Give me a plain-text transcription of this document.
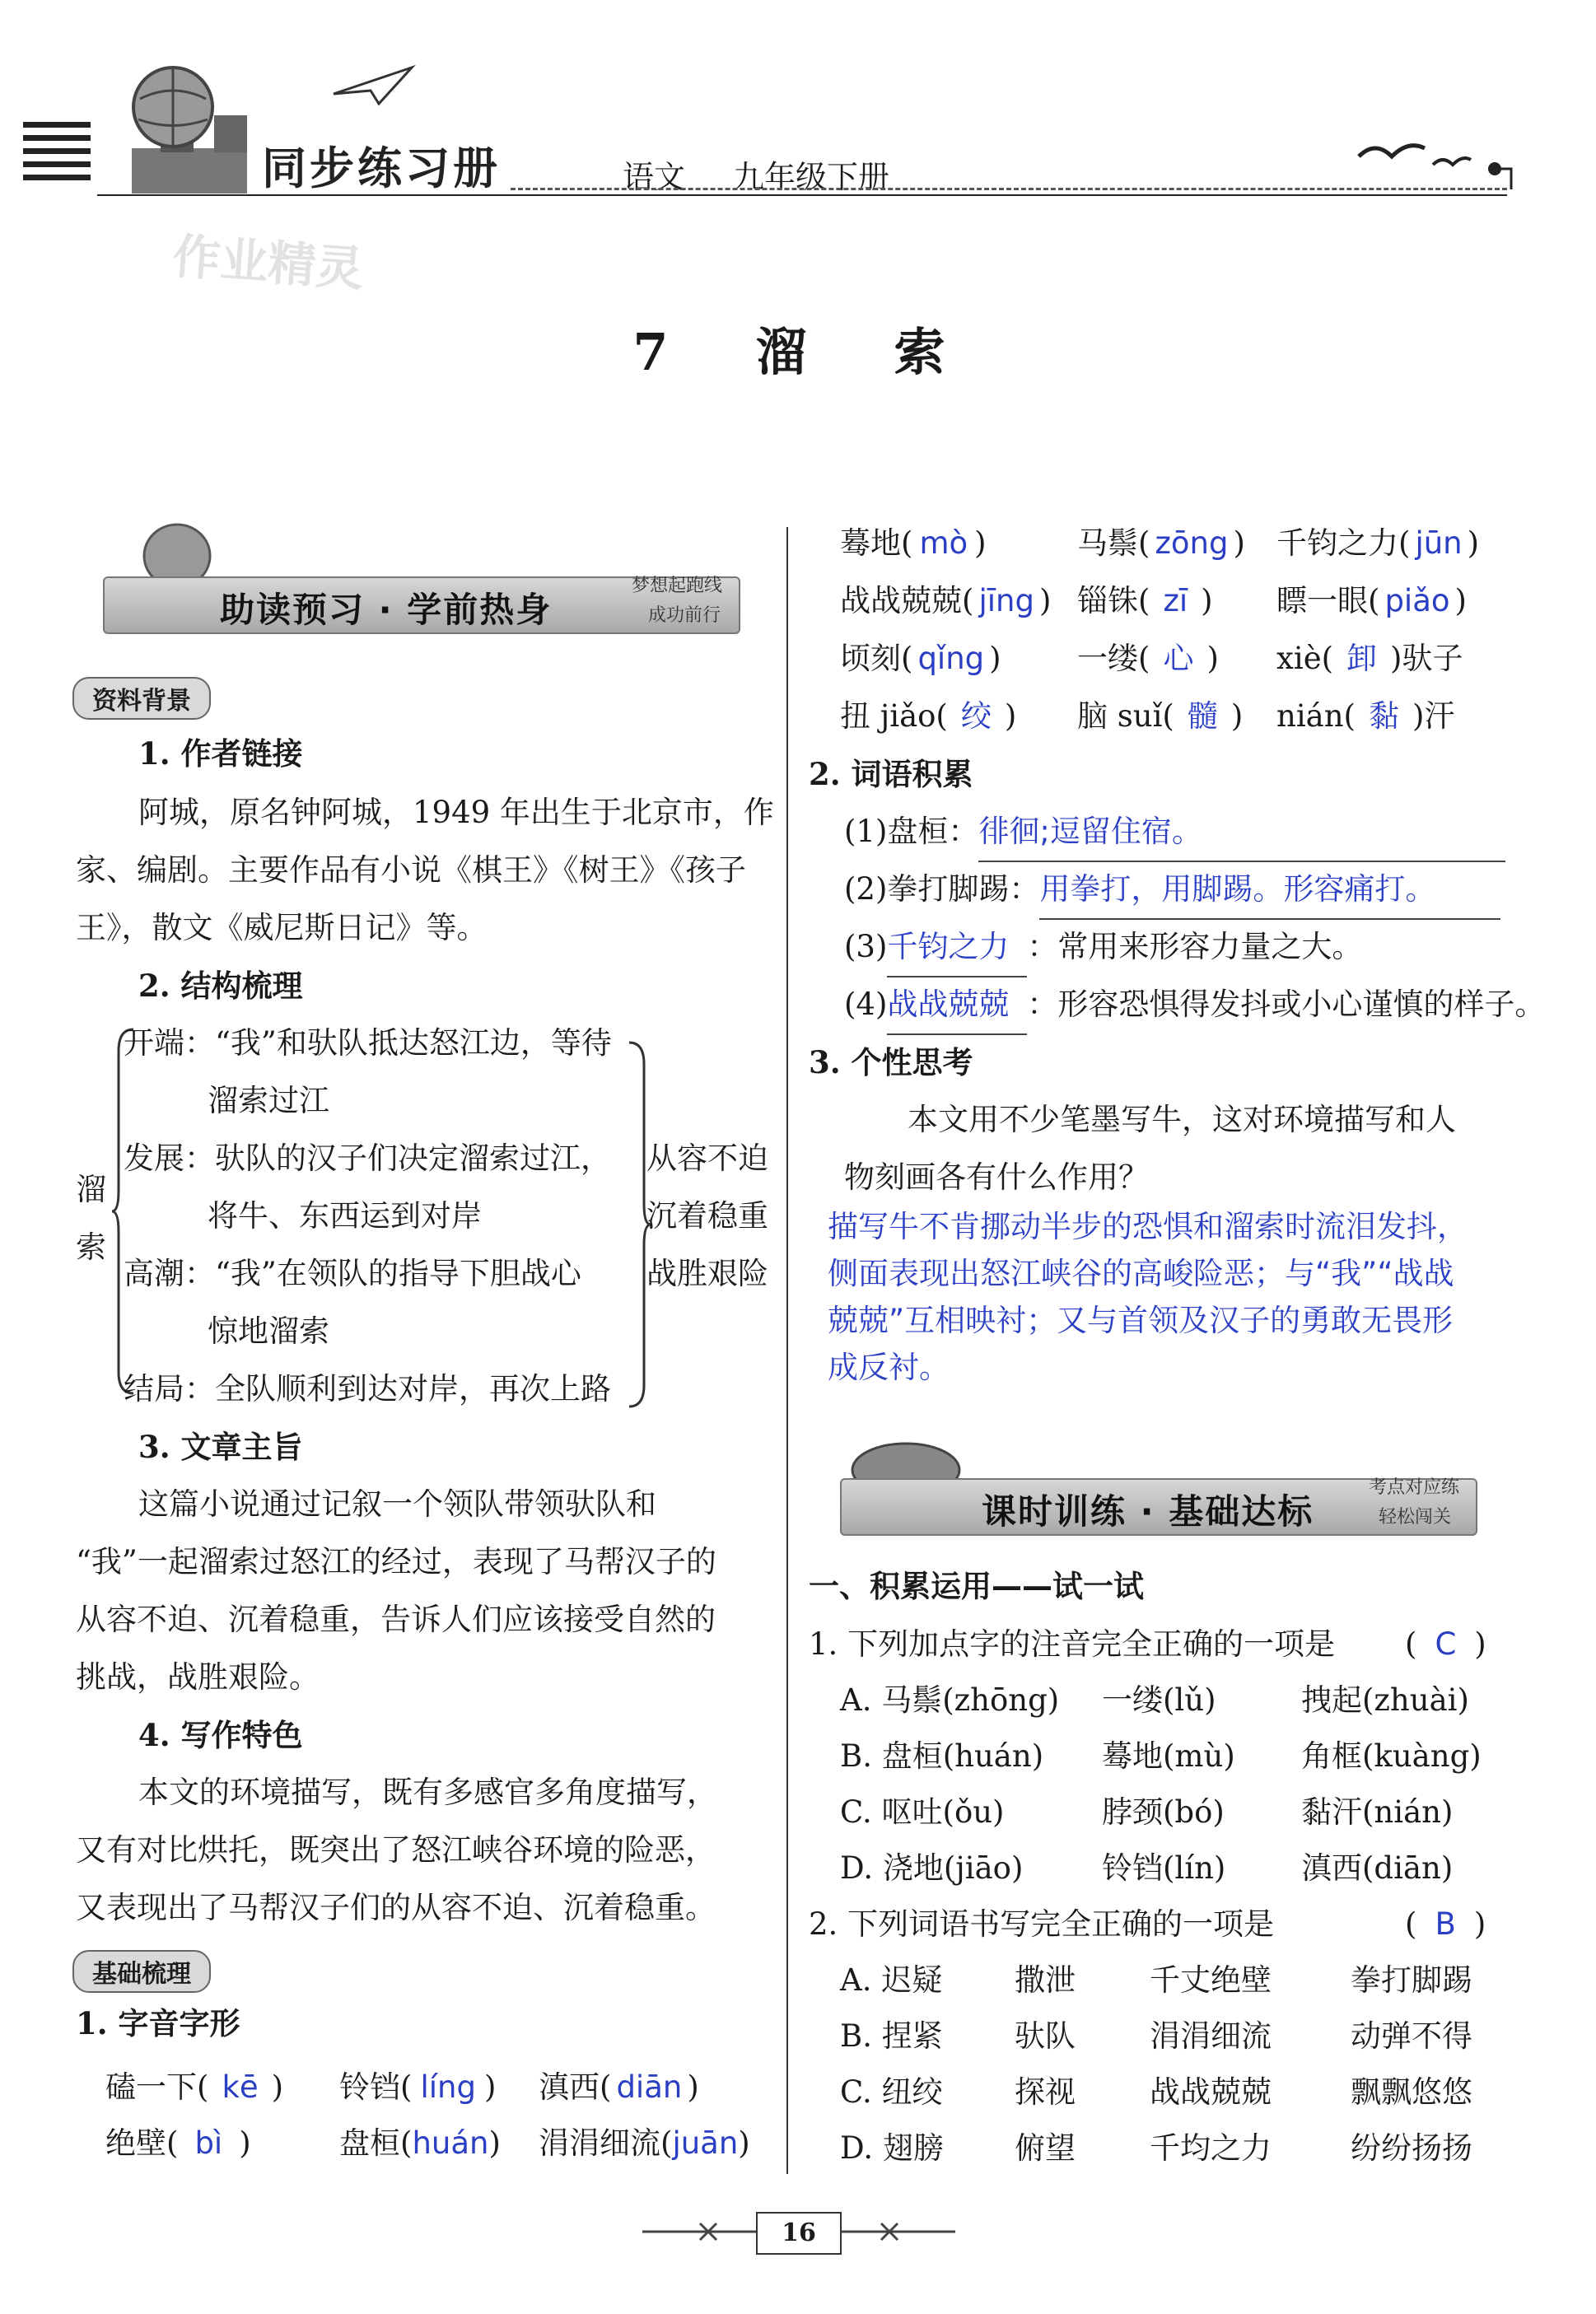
同步练习册	语文 九年级下册
作业精灵
7　溜　索
助读预习 · 学前热身
梦想起跑线
成功前行
资料背景
1. 作者链接
阿城，原名钟阿城，1949 年出生于北京市，作
家、编剧。主要作品有小说《棋王》《树王》《孩子
王》，散文《威尼斯日记》等。
2. 结构梳理
溜
索
开端：“我”和驮队抵达怒江边，等待
溜索过江
发展：驮队的汉子们决定溜索过江，
将牛、东西运到对岸
高潮：“我”在领队的指导下胆战心
惊地溜索
结局：全队顺利到达对岸，再次上路
从容不迫
沉着稳重
战胜艰险
3. 文章主旨
这篇小说通过记叙一个领队带领驮队和
“我”一起溜索过怒江的经过，表现了马帮汉子的
从容不迫、沉着稳重，告诉人们应该接受自然的
挑战，战胜艰险。
4. 写作特色
本文的环境描写，既有多感官多角度描写，
又有对比烘托，既突出了怒江峡谷环境的险恶，
又表现出了马帮汉子们的从容不迫、沉着稳重。
基础梳理
1. 字音字形
磕一下( kē ) 铃铛( líng ) 滇西( diān )
绝壁( bì )	盘桓(huán) 涓涓细流(juān)
蓦地( mò )	马鬃( zōng ) 千钧之力( jūn )
战战兢兢( jīng ) 锱铢( zī ) 瞟一眼( piǎo )
顷刻( qǐng ) 一缕( 心 ) xiè( 卸 )驮子
扭 jiǎo( 绞 ) 脑 suǐ( 髓 ) nián( 黏 )汗
2. 词语积累
(1)盘桓：徘徊;逗留住宿。
(2)拳打脚踢：用拳打，用脚踢。形容痛打。
(3)千钧之力 ：常用来形容力量之大。
(4)战战兢兢 ：形容恐惧得发抖或小心谨慎的样子。
3. 个性思考
本文用不少笔墨写牛，这对环境描写和人
物刻画各有什么作用？
描写牛不肯挪动半步的恐惧和溜索时流泪发抖，
侧面表现出怒江峡谷的高峻险恶；与“我”“战战
兢兢”互相映衬；又与首领及汉子的勇敢无畏形
成反衬。
课时训练 · 基础达标
考点对应练
轻松闯关
一、积累运用——试一试
1. 下列加点字的注音完全正确的一项是 ( C )
A. 马鬃(zhōng) 一缕(lǔ)	拽起(zhuài)
B. 盘桓(huán) 蓦地(mù) 角框(kuàng)
C. 呕吐(ǒu)	脖颈(bó)	黏汗(nián)
D. 浇地(jiāo)	铃铛(lín) 滇西(diān)
2. 下列词语书写完全正确的一项是	( B )
A. 迟疑 撒泄 千丈绝壁	拳打脚踢
B. 捏紧 驮队 涓涓细流	动弹不得
C. 纽绞 探视 战战兢兢	飘飘悠悠
D. 翅膀 俯望 千均之力	纷纷扬扬
16
